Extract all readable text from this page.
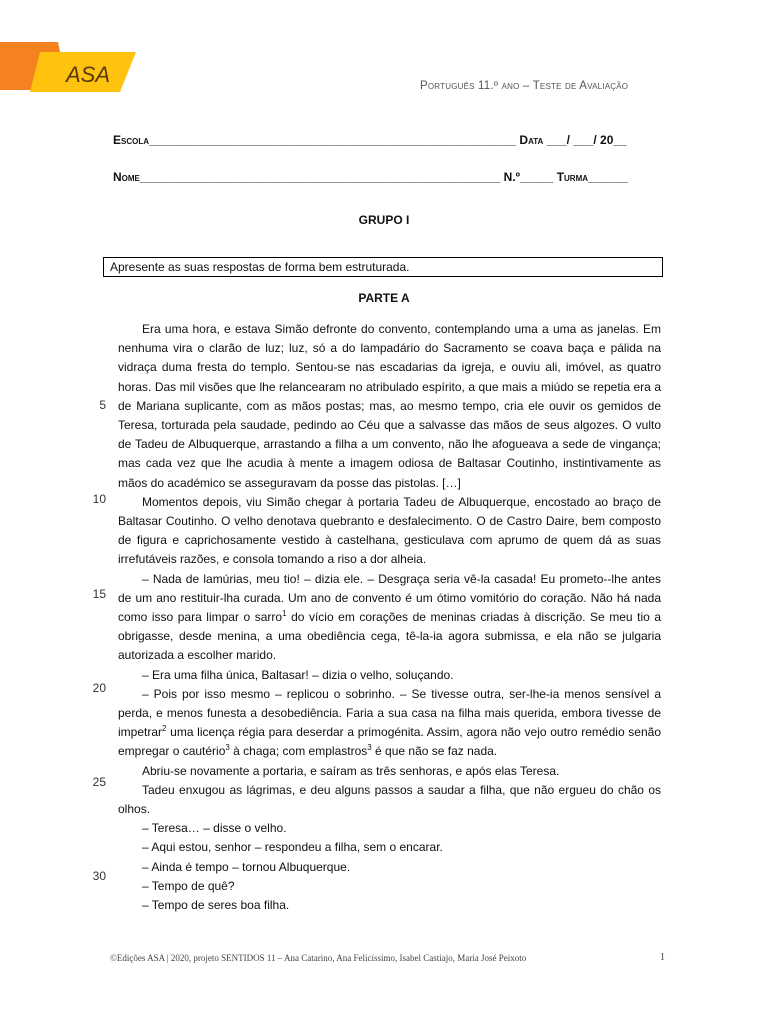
ASA	Português 11.º ano – Teste de Avaliação
Escola_______________________________________________________ Data ___/ ___/ 20__
Nome______________________________________________________ N.º_____ Turma______
GRUPO I
Apresente as suas respostas de forma bem estruturada.
PARTE A
5
10
15
20
25
30

Era uma hora, e estava Simão defronte do convento, contemplando uma a uma as janelas. Em nenhuma vira o clarão de luz; luz, só a do lampadário do Sacramento se coava baça e pálida na vidraça duma fresta do templo. Sentou-se nas escadarias da igreja, e ouviu ali, imóvel, as quatro horas. Das mil visões que lhe relancearam no atribulado espírito, a que mais a miúdo se repetia era a de Mariana suplicante, com as mãos postas; mas, ao mesmo tempo, cria ele ouvir os gemidos de Teresa, torturada pela saudade, pedindo ao Céu que a salvasse das mãos de seus algozes. O vulto de Tadeu de Albuquerque, arrastando a filha a um convento, não lhe afogueava a sede de vingança; mas cada vez que lhe acudia à mente a imagem odiosa de Baltasar Coutinho, instintivamente as mãos do académico se asseguravam da posse das pistolas. […]

Momentos depois, viu Simão chegar à portaria Tadeu de Albuquerque, encostado ao braço de Baltasar Coutinho. O velho denotava quebranto e desfalecimento. O de Castro Daire, bem composto de figura e caprichosamente vestido à castelhana, gesticulava com aprumo de quem dá as suas irrefutáveis razões, e consola tomando a riso a dor alheia.

– Nada de lamúrias, meu tio! – dizia ele. – Desgraça seria vê-la casada! Eu prometo--lhe antes de um ano restituir-lha curada. Um ano de convento é um ótimo vomitório do coração. Não há nada como isso para limpar o sarro$^1$ do vício em corações de meninas criadas à discrição. Se meu tio a obrigasse, desde menina, a uma obediência cega, tê-la-ia agora submissa, e ela não se julgaria autorizada a escolher marido.

– Era uma filha única, Baltasar! – dizia o velho, soluçando.

– Pois por isso mesmo – replicou o sobrinho. – Se tivesse outra, ser-lhe-ia menos sensível a perda, e menos funesta a desobediência. Faria a sua casa na filha mais querida, embora tivesse de impetrar$^2$ uma licença régia para deserdar a primogénita. Assim, agora não vejo outro remédio senão empregar o cautério$^3$ à chaga; com emplastros$^3$ é que não se faz nada.

Abriu-se novamente a portaria, e saíram as três senhoras, e após elas Teresa.

Tadeu enxugou as lágrimas, e deu alguns passos a saudar a filha, que não ergueu do chão os olhos.

– Teresa… – disse o velho.

– Aqui estou, senhor – respondeu a filha, sem o encarar.

– Ainda é tempo – tornou Albuquerque.

– Tempo de quê?

– Tempo de seres boa filha.

©Edições ASA | 2020, projeto SENTIDOS 11 – Ana Catarino, Ana Felicíssimo, Isabel Castiajo, Maria José Peixoto	1
